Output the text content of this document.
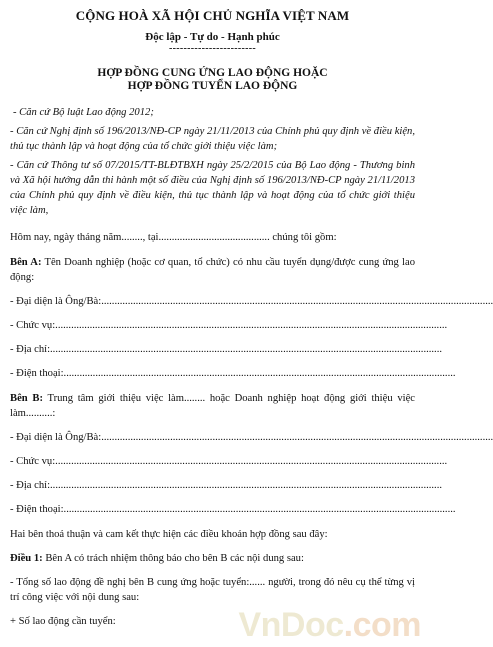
CỘNG HOÀ XÃ HỘI CHỦ NGHĨA VIỆT NAM
Độc lập - Tự do - Hạnh phúc
------------------------
HỢP ĐỒNG CUNG ỨNG LAO ĐỘNG HOẶC
HỢP ĐỒNG TUYỂN LAO ĐỘNG

- Căn cứ Bộ luật Lao động 2012;

- Căn cứ Nghị định số 196/2013/NĐ-CP ngày 21/11/2013 của Chính phủ quy định về điều kiện, thủ tục thành lập và hoạt động của tổ chức giới thiệu việc làm;

- Căn cứ Thông tư số 07/2015/TT-BLĐTBXH ngày 25/2/2015 của Bộ Lao động - Thương binh và Xã hội hướng dẫn thi hành một số điều của Nghị định số 196/2013/NĐ-CP ngày 21/11/2013 của Chính phủ quy định về điều kiện, thủ tục thành lập và hoạt động của tổ chức giới thiệu việc làm,

Hôm nay, ngày tháng năm........, tại.......................................... chúng tôi gồm:

Bên A: Tên Doanh nghiệp (hoặc cơ quan, tổ chức) có nhu cầu tuyển dụng/được cung ứng lao động:

- Đại diện là Ông/Bà: ....................................................................................................................................................
- Chức vụ: ....................................................................................................................................................
- Địa chỉ: ....................................................................................................................................................
- Điện thoại: ....................................................................................................................................................

Bên B: Trung tâm giới thiệu việc làm........ hoặc Doanh nghiệp hoạt động giới thiệu việc làm..........:

- Đại diện là Ông/Bà: ....................................................................................................................................................
- Chức vụ: ....................................................................................................................................................
- Địa chỉ: ....................................................................................................................................................
- Điện thoại: ....................................................................................................................................................

Hai bên thoả thuận và cam kết thực hiện các điều khoản hợp đồng sau đây:

Điều 1: Bên A có trách nhiệm thông báo cho bên B các nội dung sau:

- Tổng số lao động đề nghị bên B cung ứng hoặc tuyển:...... người, trong đó nêu cụ thể từng vị trí công việc với nội dung sau:

+ Số lao động cần tuyển:	VnDoc.com
